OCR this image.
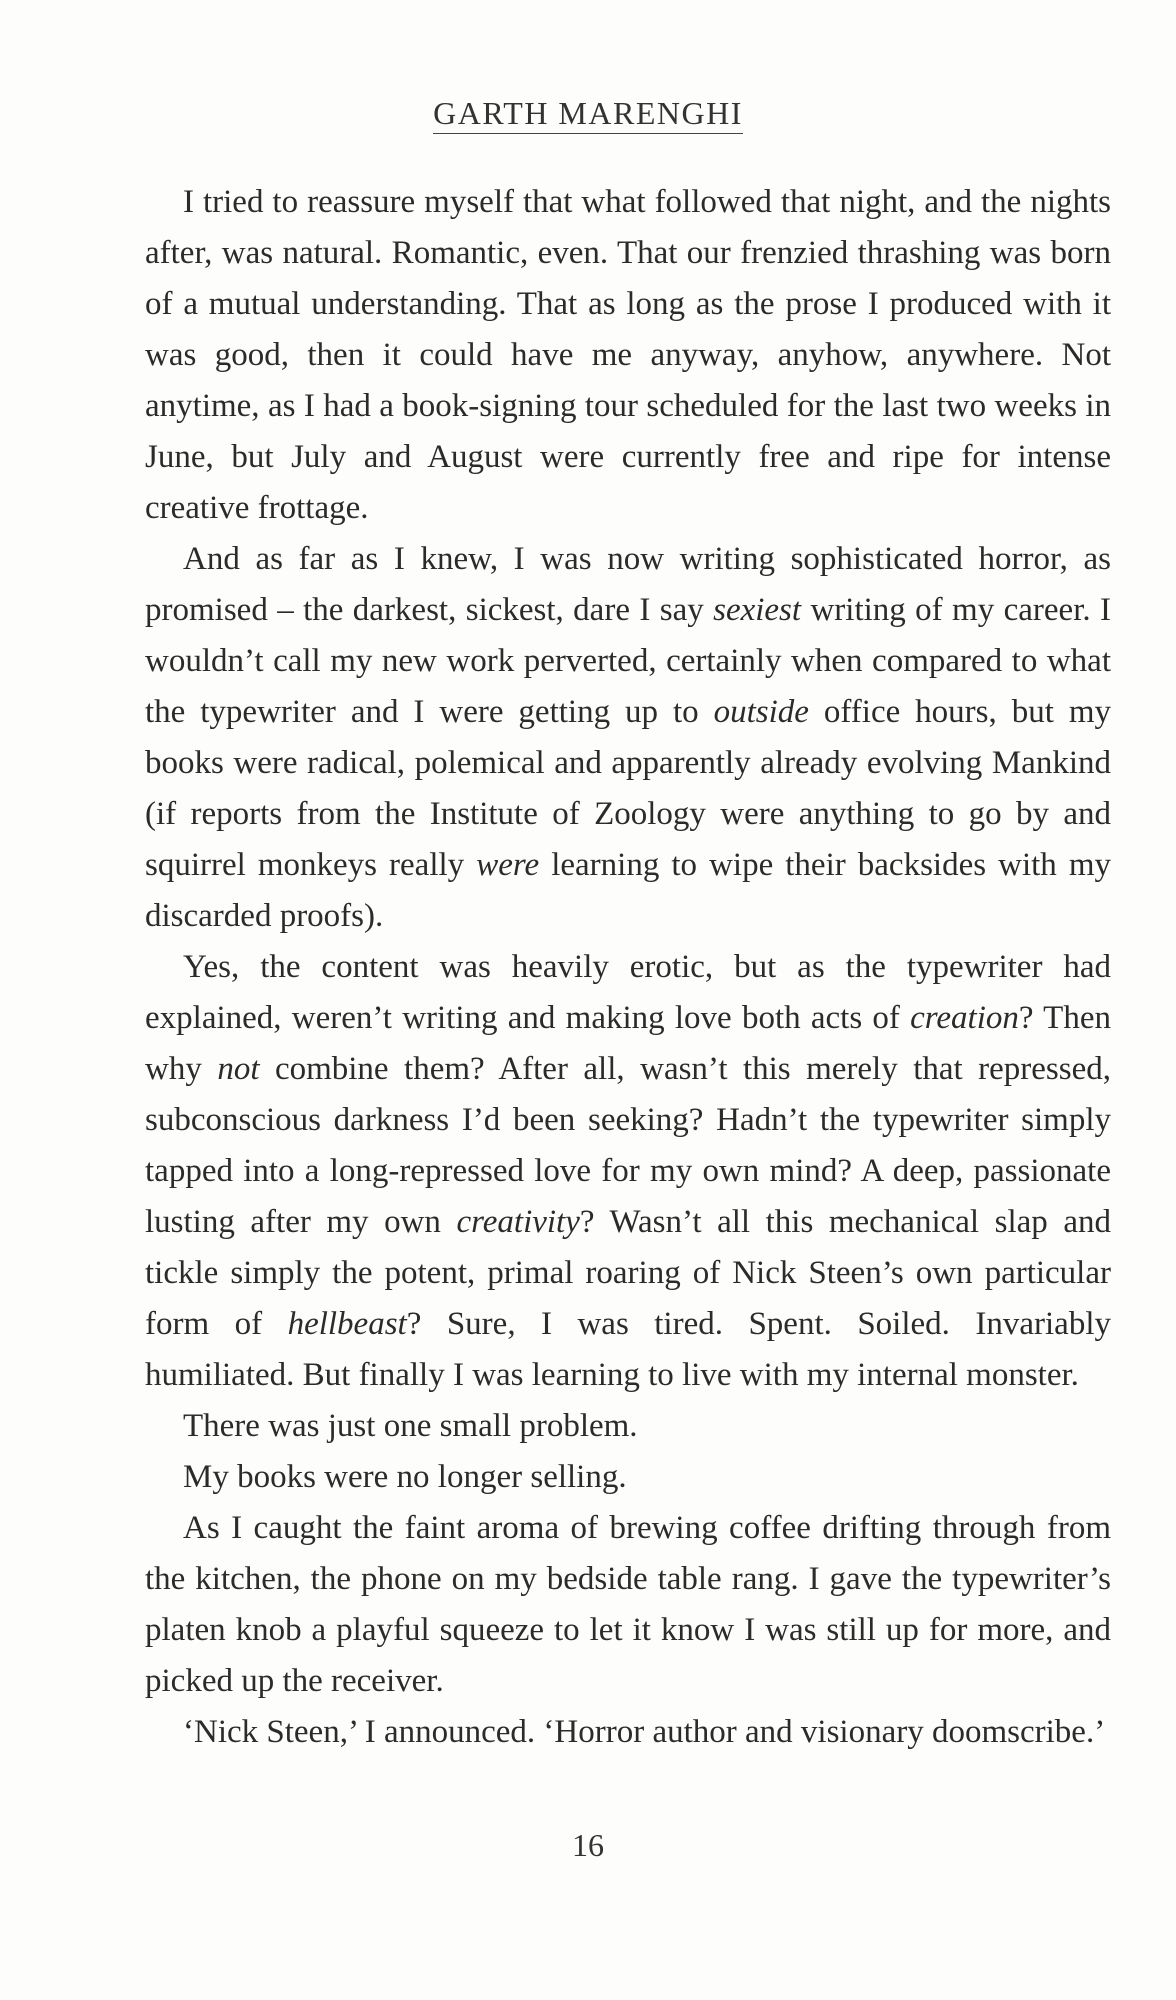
GARTH MARENGHI

I tried to reassure myself that what followed that night, and the nights after, was natural. Romantic, even. That our frenzied thrashing was born of a mutual understanding. That as long as the prose I produced with it was good, then it could have me anyway, anyhow, anywhere. Not anytime, as I had a book-signing tour scheduled for the last two weeks in June, but July and August were currently free and ripe for intense creative frottage.

And as far as I knew, I was now writing sophisticated horror, as promised – the darkest, sickest, dare I say sexiest writing of my career. I wouldn’t call my new work perverted, certainly when compared to what the typewriter and I were getting up to outside office hours, but my books were radical, polemical and apparently already evolving Mankind (if reports from the Institute of Zoology were anything to go by and squirrel monkeys really were learning to wipe their backsides with my discarded proofs).

Yes, the content was heavily erotic, but as the typewriter had explained, weren’t writing and making love both acts of creation? Then why not combine them? After all, wasn’t this merely that repressed, subconscious darkness I’d been seeking? Hadn’t the typewriter simply tapped into a long-repressed love for my own mind? A deep, passionate lusting after my own creativity? Wasn’t all this mechanical slap and tickle simply the potent, primal roaring of Nick Steen’s own particular form of hellbeast? Sure, I was tired. Spent. Soiled. Invariably humiliated. But finally I was learning to live with my internal monster.

There was just one small problem.

My books were no longer selling.

As I caught the faint aroma of brewing coffee drifting through from the kitchen, the phone on my bedside table rang. I gave the typewriter’s platen knob a playful squeeze to let it know I was still up for more, and picked up the receiver.

‘Nick Steen,’ I announced. ‘Horror author and visionary doomscribe.’

16
